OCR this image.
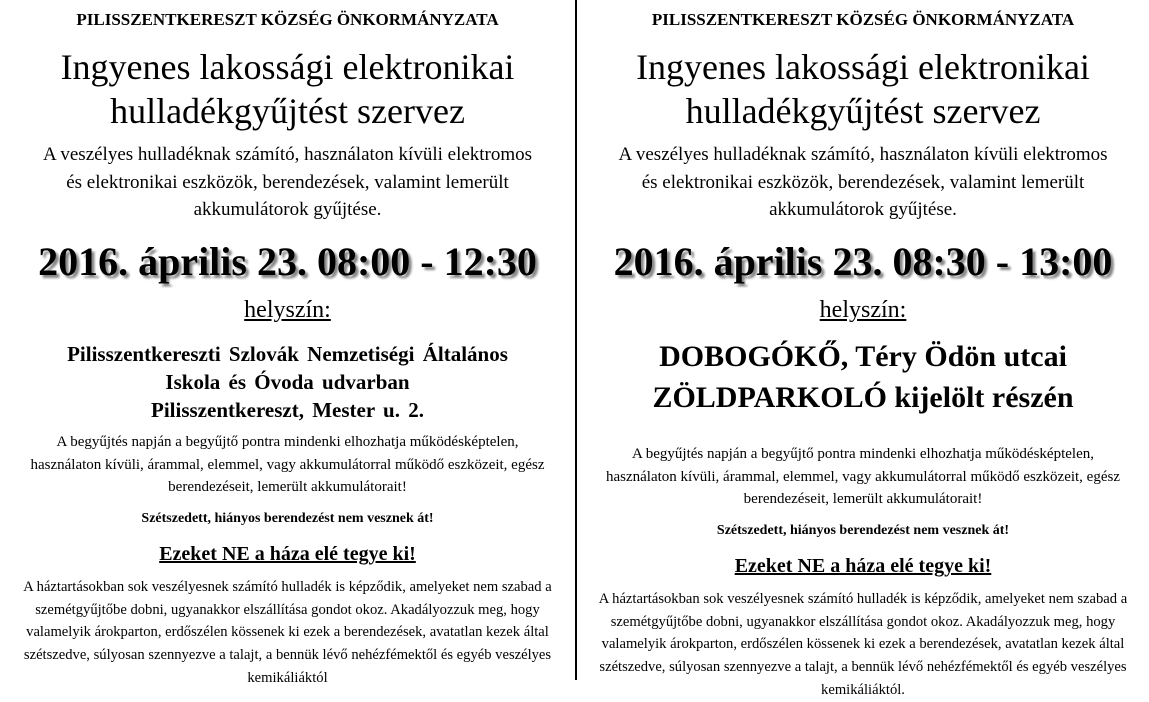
PILISSZENTKERESZT KÖZSÉG ÖNKORMÁNYZATA
Ingyenes lakossági elektronikai
hulladékgyűjtést szervez
A veszélyes hulladéknak számító, használaton kívüli elektromos
és elektronikai eszközök, berendezések, valamint lemerült
akkumulátorok gyűjtése.
2016. április 23. 08:00 - 12:30
helyszín:
Pilisszentkereszti Szlovák Nemzetiségi Általános
Iskola és Óvoda udvarban
Pilisszentkereszt, Mester u. 2.
A begyűjtés napján a begyűjtő pontra mindenki elhozhatja működésképtelen,
használaton kívüli, árammal, elemmel, vagy akkumulátorral működő eszközeit, egész
berendezéseit, lemerült akkumulátorait!
Szétszedett, hiányos berendezést nem vesznek át!
Ezeket NE a háza elé tegye ki!
A háztartásokban sok veszélyesnek számító hulladék is képződik, amelyeket nem szabad a
szemétgyűjtőbe dobni, ugyanakkor elszállítása gondot okoz. Akadályozzuk meg, hogy
valamelyik árokparton, erdőszélen kössenek ki ezek a berendezések, avatatlan kezek által
szétszedve, súlyosan szennyezve a talajt, a bennük lévő nehézfémektől és egyéb veszélyes
kemikáliáktól
PILISSZENTKERESZT KÖZSÉG ÖNKORMÁNYZATA
Ingyenes lakossági elektronikai
hulladékgyűjtést szervez
A veszélyes hulladéknak számító, használaton kívüli elektromos
és elektronikai eszközök, berendezések, valamint lemerült
akkumulátorok gyűjtése.
2016. április 23. 08:30 - 13:00
helyszín:
DOBOGÓKŐ, Téry Ödön utcai
ZÖLDPARKOLÓ kijelölt részén
A begyűjtés napján a begyűjtő pontra mindenki elhozhatja működésképtelen,
használaton kívüli, árammal, elemmel, vagy akkumulátorral működő eszközeit, egész
berendezéseit, lemerült akkumulátorait!
Szétszedett, hiányos berendezést nem vesznek át!
Ezeket NE a háza elé tegye ki!
A háztartásokban sok veszélyesnek számító hulladék is képződik, amelyeket nem szabad a
szemétgyűjtőbe dobni, ugyanakkor elszállítása gondot okoz. Akadályozzuk meg, hogy
valamelyik árokparton, erdőszélen kössenek ki ezek a berendezések, avatatlan kezek által
szétszedve, súlyosan szennyezve a talajt, a bennük lévő nehézfémektől és egyéb veszélyes
kemikáliáktól.
